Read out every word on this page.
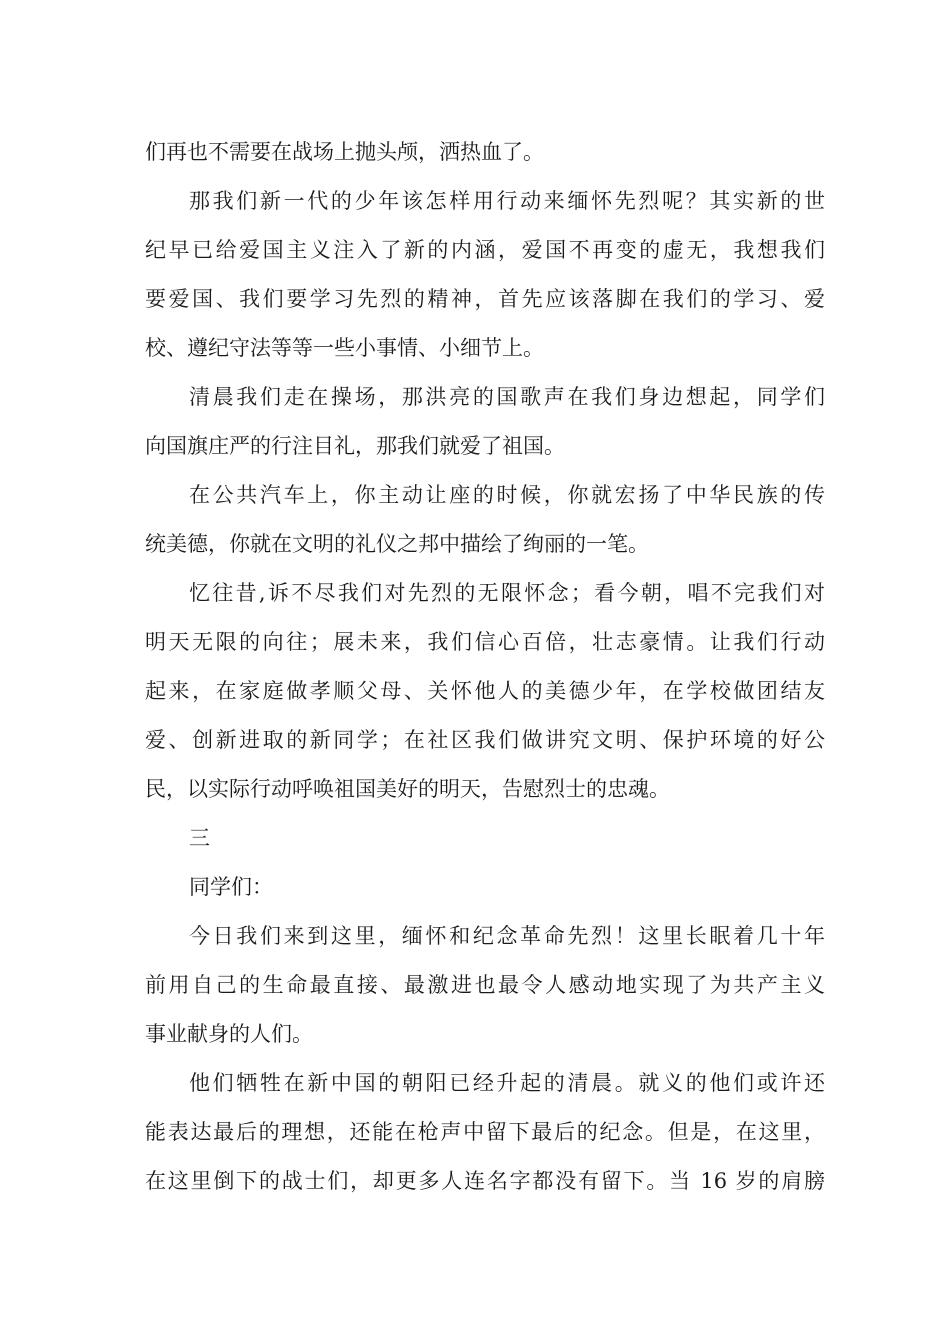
们再也不需要在战场上抛头颅，洒热血了。
那我们新一代的少年该怎样用行动来缅怀先烈呢？其实新的世
纪早已给爱国主义注入了新的内涵，爱国不再变的虚无，我想我们
要爱国、我们要学习先烈的精神，首先应该落脚在我们的学习、爱
校、遵纪守法等等一些小事情、小细节上。
清晨我们走在操场，那洪亮的国歌声在我们身边想起，同学们
向国旗庄严的行注目礼，那我们就爱了祖国。
在公共汽车上，你主动让座的时候，你就宏扬了中华民族的传
统美德，你就在文明的礼仪之邦中描绘了绚丽的一笔。
忆往昔,诉不尽我们对先烈的无限怀念；看今朝，唱不完我们对
明天无限的向往；展未来，我们信心百倍，壮志豪情。让我们行动
起来，在家庭做孝顺父母、关怀他人的美德少年，在学校做团结友
爱、创新进取的新同学；在社区我们做讲究文明、保护环境的好公
民，以实际行动呼唤祖国美好的明天，告慰烈士的忠魂。
三
同学们：
今日我们来到这里，缅怀和纪念革命先烈！这里长眠着几十年
前用自己的生命最直接、最激进也最令人感动地实现了为共产主义
事业献身的人们。
他们牺牲在新中国的朝阳已经升起的清晨。就义的他们或许还
能表达最后的理想，还能在枪声中留下最后的纪念。但是，在这里，
在这里倒下的战士们，却更多人连名字都没有留下。当 16 岁的肩膀
